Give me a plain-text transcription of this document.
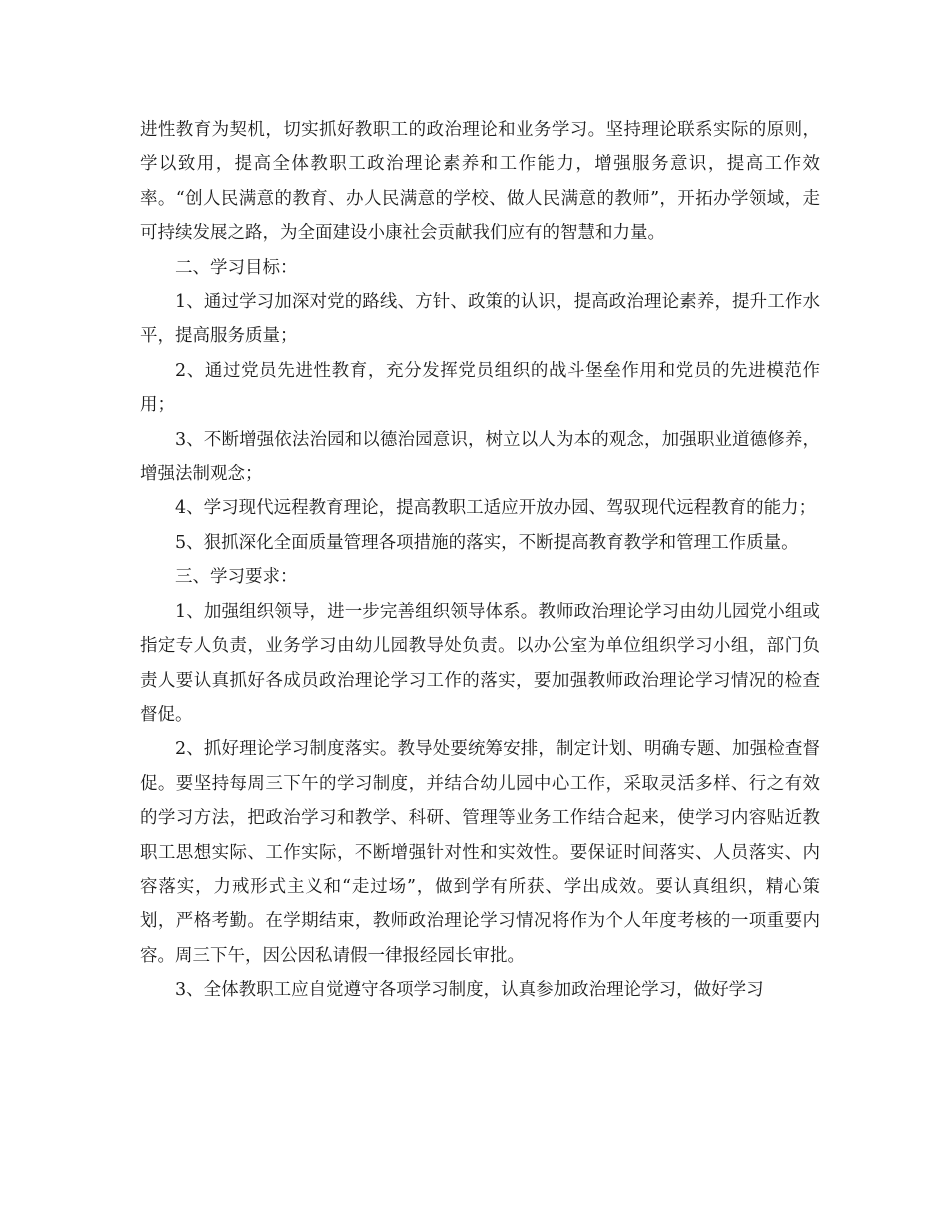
进性教育为契机，切实抓好教职工的政治理论和业务学习。坚持理论联系实际的原则，学以致用，提高全体教职工政治理论素养和工作能力，增强服务意识，提高工作效率。“创人民满意的教育、办人民满意的学校、做人民满意的教师”，开拓办学领域，走可持续发展之路，为全面建设小康社会贡献我们应有的智慧和力量。

二、学习目标：

1、通过学习加深对党的路线、方针、政策的认识，提高政治理论素养，提升工作水平，提高服务质量；

2、通过党员先进性教育，充分发挥党员组织的战斗堡垒作用和党员的先进模范作用；

3、不断增强依法治园和以德治园意识，树立以人为本的观念，加强职业道德修养，增强法制观念；

4、学习现代远程教育理论，提高教职工适应开放办园、驾驭现代远程教育的能力；

5、狠抓深化全面质量管理各项措施的落实，不断提高教育教学和管理工作质量。

三、学习要求：

1、加强组织领导，进一步完善组织领导体系。教师政治理论学习由幼儿园党小组或指定专人负责，业务学习由幼儿园教导处负责。以办公室为单位组织学习小组，部门负责人要认真抓好各成员政治理论学习工作的落实，要加强教师政治理论学习情况的检查督促。

2、抓好理论学习制度落实。教导处要统筹安排，制定计划、明确专题、加强检查督促。要坚持每周三下午的学习制度，并结合幼儿园中心工作，采取灵活多样、行之有效的学习方法，把政治学习和教学、科研、管理等业务工作结合起来，使学习内容贴近教职工思想实际、工作实际，不断增强针对性和实效性。要保证时间落实、人员落实、内容落实，力戒形式主义和“走过场”，做到学有所获、学出成效。要认真组织，精心策划，严格考勤。在学期结束，教师政治理论学习情况将作为个人年度考核的一项重要内容。周三下午，因公因私请假一律报经园长审批。

3、全体教职工应自觉遵守各项学习制度，认真参加政治理论学习，做好学习
